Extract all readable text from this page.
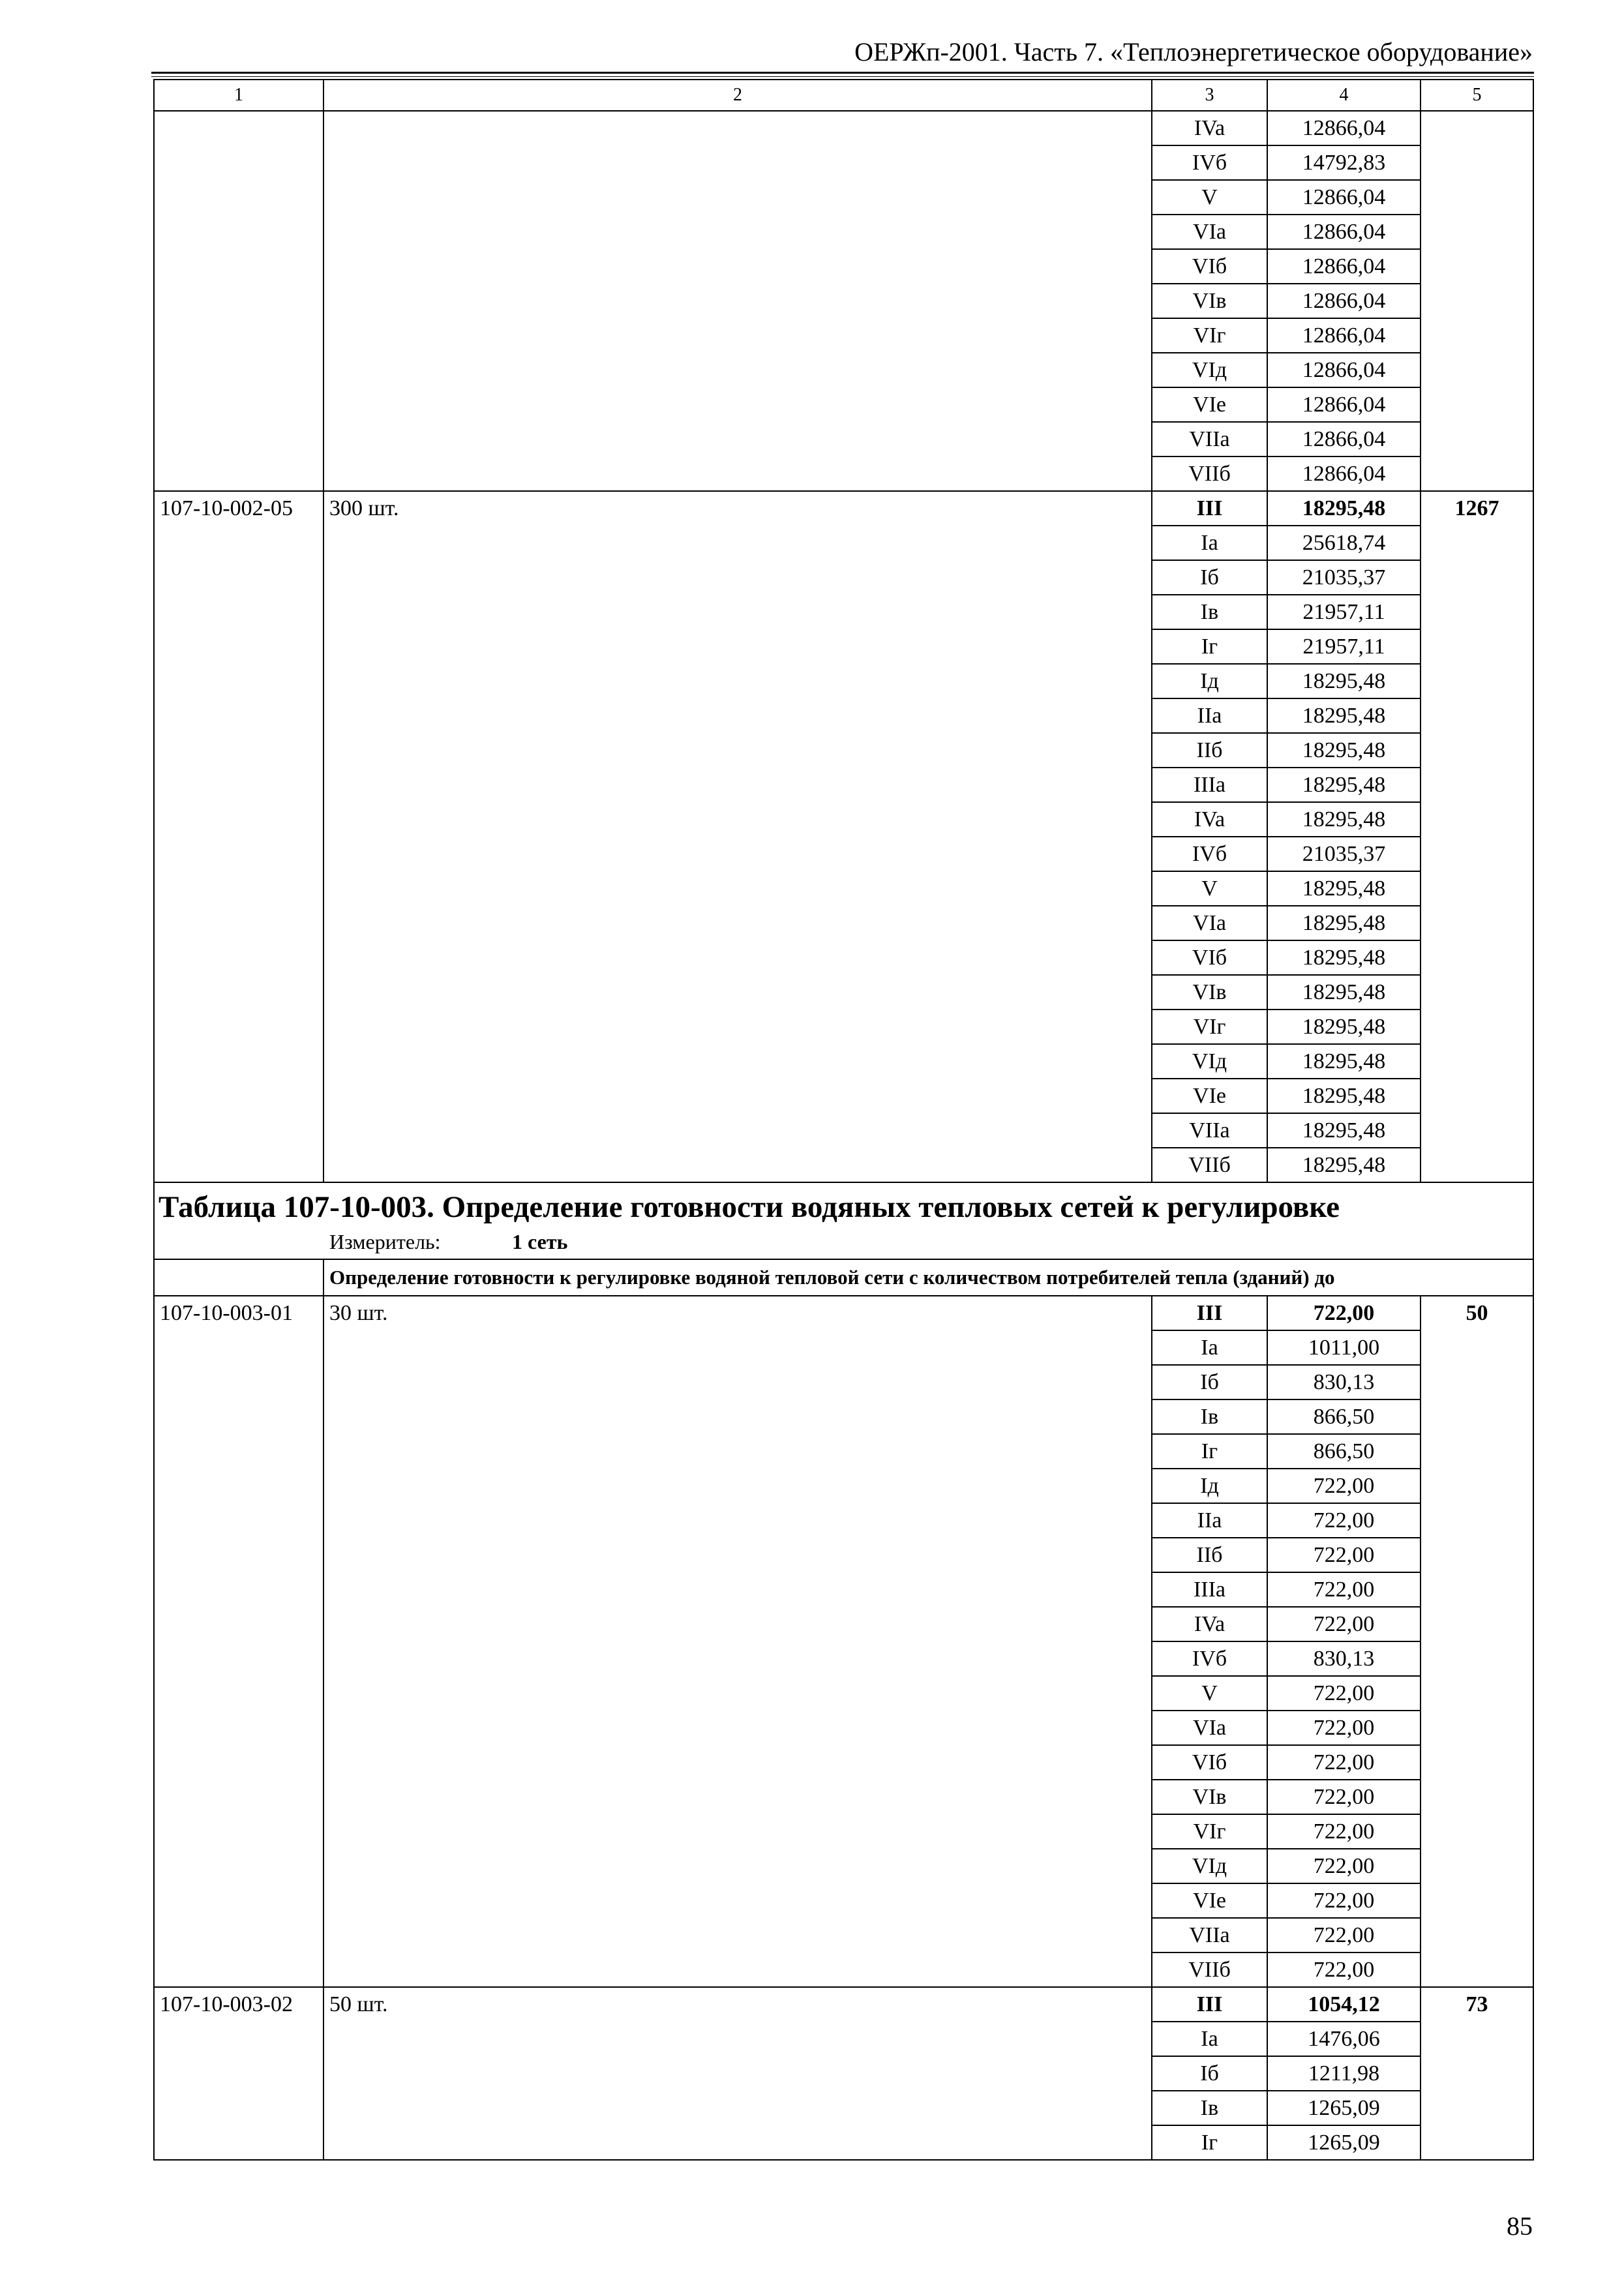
ОЕРЖп-2001. Часть 7. «Теплоэнергетическое оборудование»
1	2	3	4	5
		IVa	12866,04	
		IVб	14792,83	
		V	12866,04	
		VIa	12866,04	
		VIб	12866,04	
		VIв	12866,04	
		VIг	12866,04	
		VIд	12866,04	
		VIe	12866,04	
		VIIa	12866,04	
		VIIб	12866,04	
107-10-002-05	300 шт.	III	18295,48	1267
		Ia	25618,74	
		Iб	21035,37	
		Iв	21957,11	
		Iг	21957,11	
		Iд	18295,48	
		IIa	18295,48	
		IIб	18295,48	
		IIIa	18295,48	
		IVa	18295,48	
		IVб	21035,37	
		V	18295,48	
		VIa	18295,48	
		VIб	18295,48	
		VIв	18295,48	
		VIг	18295,48	
		VIд	18295,48	
		VIe	18295,48	
		VIIa	18295,48	
		VIIб	18295,48	

Таблица 107-10-003. Определение готовности водяных тепловых сетей к регулировке
Измеритель: 1 сеть				

	Определение готовности к регулировке водяной тепловой сети с количеством потребителей тепла (зданий) до			
107-10-003-01	30 шт.	III	722,00	50
		Ia	1011,00	
		Iб	830,13	
		Iв	866,50	
		Iг	866,50	
		Iд	722,00	
		IIa	722,00	
		IIб	722,00	
		IIIa	722,00	
		IVa	722,00	
		IVб	830,13	
		V	722,00	
		VIa	722,00	
		VIб	722,00	
		VIв	722,00	
		VIг	722,00	
		VIд	722,00	
		VIe	722,00	
		VIIa	722,00	
		VIIб	722,00	
107-10-003-02	50 шт.	III	1054,12	73
		Ia	1476,06	
		Iб	1211,98	
		Iв	1265,09	
		Iг	1265,09	
85
